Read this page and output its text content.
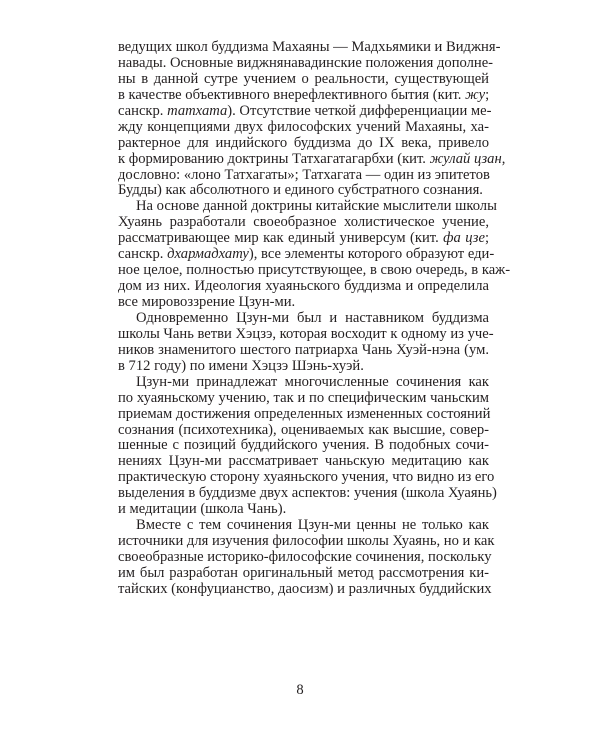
ведущих школ буддизма Махаяны — Мадхьямики и Виджня-
навады. Основные виджнянавадинские положения дополне-
ны в данной сутре учением о реальности, существующей
в качестве объективного внерефлективного бытия (кит. жу;
санскр. татхата). Отсутствие четкой дифференциации ме-
жду концепциями двух философских учений Махаяны, ха-
рактерное для индийского буддизма до IX века, привело
к формированию доктрины Татхагатагарбхи (кит. жулай цзан,
дословно: «лоно Татхагаты»; Татхагата — один из эпитетов
Будды) как абсолютного и единого субстратного сознания.
На основе данной доктрины китайские мыслители школы
Хуаянь разработали своеобразное холистическое учение,
рассматривающее мир как единый универсум (кит. фа цзе;
санскр. дхармадхату), все элементы которого образуют еди-
ное целое, полностью присутствующее, в свою очередь, в каж-
дом из них. Идеология хуаяньского буддизма и определила
все мировоззрение Цзун-ми.
Одновременно Цзун-ми был и наставником буддизма
школы Чань ветви Хэцзэ, которая восходит к одному из уче-
ников знаменитого шестого патриарха Чань Хуэй-нэна (ум.
в 712 году) по имени Хэцзэ Шэнь-хуэй.
Цзун-ми принадлежат многочисленные сочинения как
по хуаяньскому учению, так и по специфическим чаньским
приемам достижения определенных измененных состояний
сознания (психотехника), оцениваемых как высшие, совер-
шенные с позиций буддийского учения. В подобных сочи-
нениях Цзун-ми рассматривает чаньскую медитацию как
практическую сторону хуаяньского учения, что видно из его
выделения в буддизме двух аспектов: учения (школа Хуаянь)
и медитации (школа Чань).
Вместе с тем сочинения Цзун-ми ценны не только как
источники для изучения философии школы Хуаянь, но и как
своеобразные историко-философские сочинения, поскольку
им был разработан оригинальный метод рассмотрения ки-
тайских (конфуцианство, даосизм) и различных буддийских
8
